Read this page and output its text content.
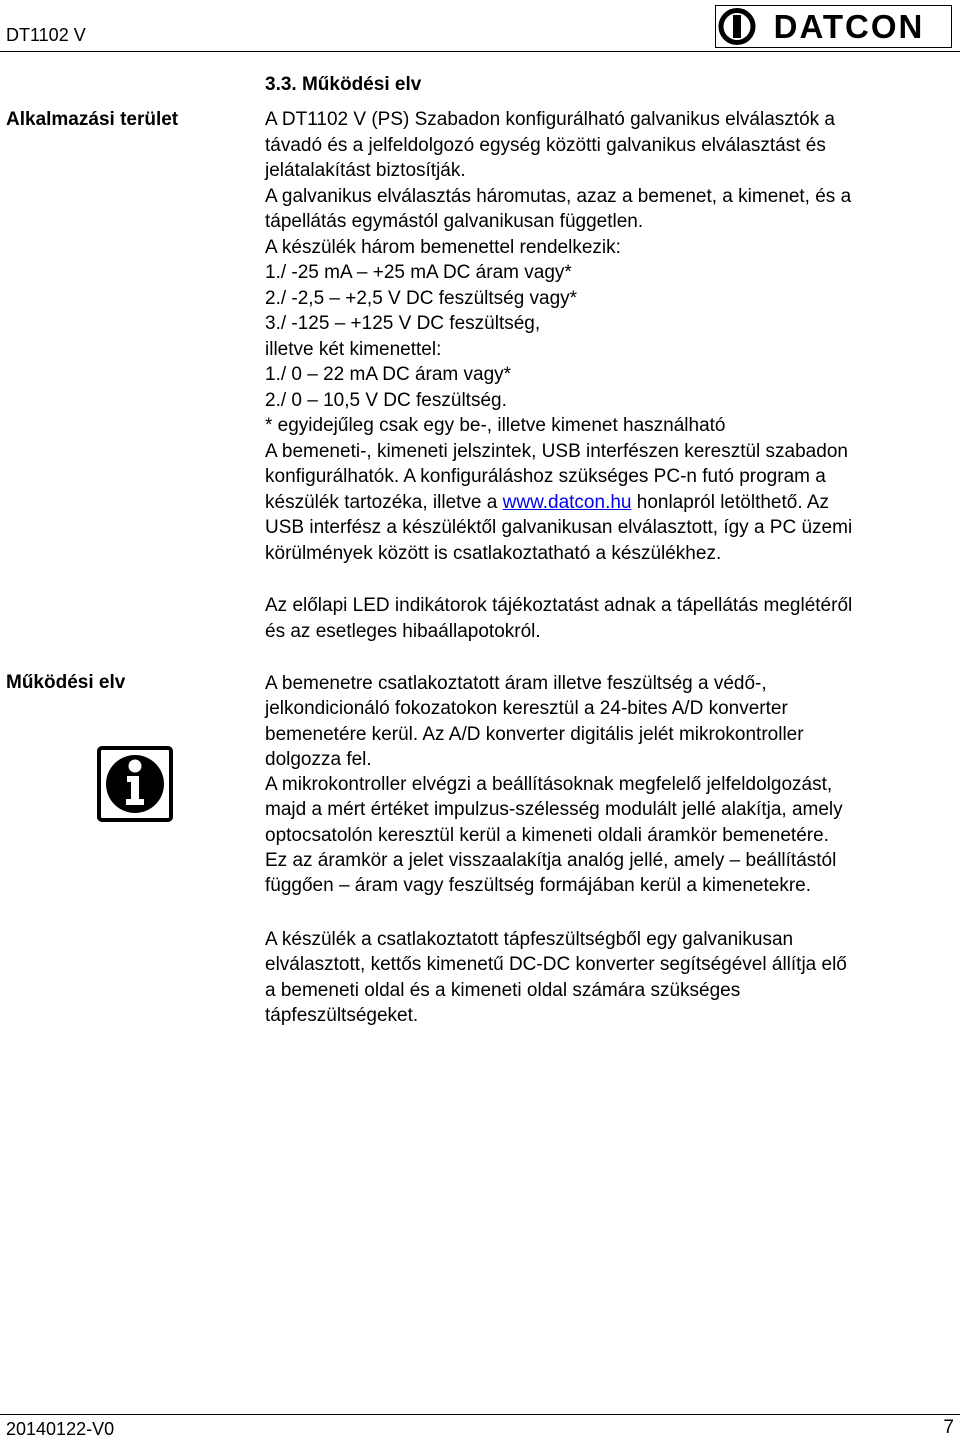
DT1102 V	DATCON
3.3. Működési elv
Alkalmazási terület
Működési elv
A DT1102 V (PS) Szabadon konfigurálható galvanikus elválasztók a
távadó és a jelfeldolgozó egység közötti galvanikus elválasztást és
jelátalakítást biztosítják.
A galvanikus elválasztás háromutas, azaz a bemenet, a kimenet, és a
tápellátás egymástól galvanikusan független.
A készülék három bemenettel rendelkezik:
1./ -25 mA – +25 mA DC áram vagy*
2./ -2,5 – +2,5 V DC feszültség vagy*
3./ -125 – +125 V DC feszültség,
illetve két kimenettel:
1./ 0 – 22 mA DC áram vagy*
2./ 0 – 10,5 V DC feszültség.
* egyidejűleg csak egy be-, illetve kimenet használható
A bemeneti-, kimeneti jelszintek, USB interfészen keresztül szabadon
konfigurálhatók. A konfiguráláshoz szükséges PC-n futó program a
készülék tartozéka, illetve a www.datcon.hu honlapról letölthető. Az
USB interfész a készüléktől galvanikusan elválasztott, így a PC üzemi
körülmények között is csatlakoztatható a készülékhez.
Az előlapi LED indikátorok tájékoztatást adnak a tápellátás meglétéről
és az esetleges hibaállapotokról.
A bemenetre csatlakoztatott áram illetve feszültség a védő-,
jelkondicionáló fokozatokon keresztül a 24-bites A/D konverter
bemenetére kerül. Az A/D konverter digitális jelét mikrokontroller
dolgozza fel.
A mikrokontroller elvégzi a beállításoknak megfelelő jelfeldolgozást,
majd a mért értéket impulzus-szélesség modulált jellé alakítja, amely
optocsatolón keresztül kerül a kimeneti oldali áramkör bemenetére.
Ez az áramkör a jelet visszaalakítja analóg jellé, amely – beállítástól
függően – áram vagy feszültség formájában kerül a kimenetekre.
A készülék a csatlakoztatott tápfeszültségből egy galvanikusan
elválasztott, kettős kimenetű DC-DC konverter segítségével állítja elő
a bemeneti oldal és a kimeneti oldal számára szükséges
tápfeszültségeket.
20140122-V0	7
